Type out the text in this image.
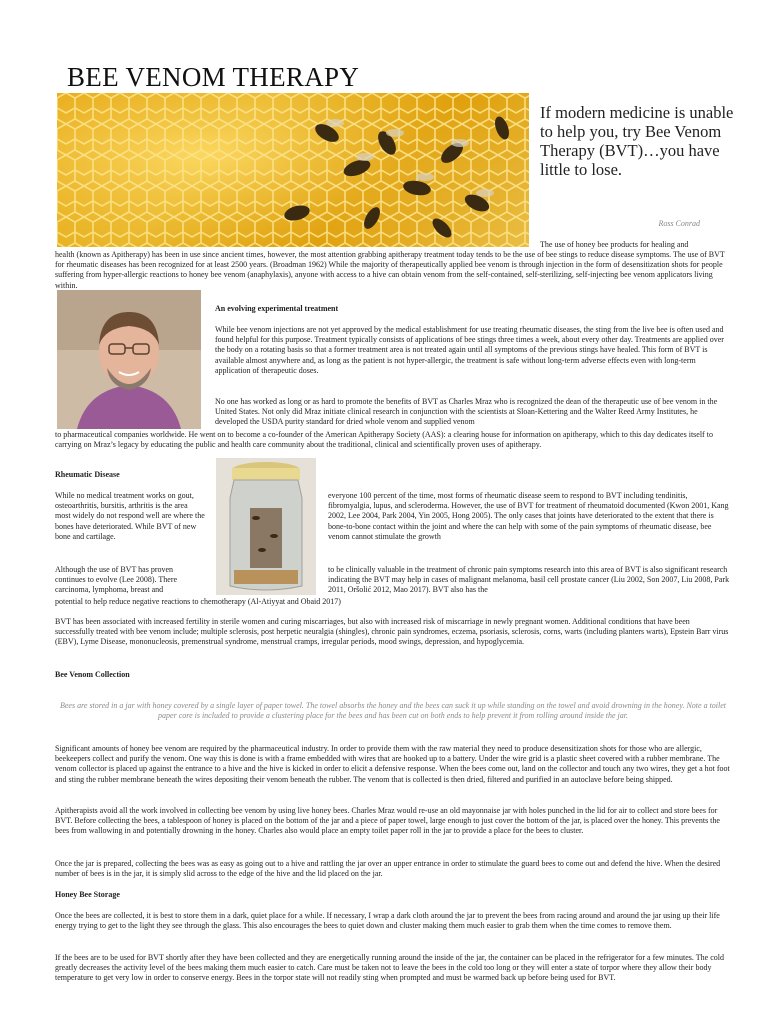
BEE VENOM THERAPY
If modern medicine is unable to help you, try Bee Venom Therapy (BVT)…you have little to lose.
Ross Conrad
The use of honey bee products for healing and
health (known as Apitherapy) has been in use since ancient times, however, the most attention grabbing apitherapy treatment today tends to be the use of bee stings to reduce disease symptoms. The use of BVT for rheumatic diseases has been recognized for at least 2500 years. (Broadman 1962) While the majority of therapeutically applied bee venom is through injection in the form of desensitization shots for people suffering from hyper-allergic reactions to honey bee venom (anaphylaxis), anyone with access to a hive can obtain venom from the self-contained, self-sterilizing, self-injecting bee venom applicators living within.
An evolving experimental treatment
While bee venom injections are not yet approved by the medical establishment for use treating rheumatic diseases, the sting from the live bee is often used and found helpful for this purpose. Treatment typically consists of applications of bee stings three times a week, about every other day. Treatments are applied over the body on a rotating basis so that a former treatment area is not treated again until all symptoms of the previous stings have healed. This form of BVT is available almost anywhere and, as long as the patient is not hyper-allergic, the treatment is safe without long-term adverse effects even with long-term application of therapeutic doses.
No one has worked as long or as hard to promote the benefits of BVT as Charles Mraz who is recognized the dean of the therapeutic use of bee venom in the United States. Not only did Mraz initiate clinical research in conjunction with the scientists at Sloan-Kettering and the Walter Reed Army Institutes, he developed the USDA purity standard for dried whole venom and supplied venom
to pharmaceutical companies worldwide. He went on to become a co-founder of the American Apitherapy Society (AAS): a clearing house for information on apitherapy, which to this day dedicates itself to carrying on Mraz’s legacy by educating the public and health care community about the traditional, clinical and scientifically proven uses of apitherapy.
Rheumatic Disease
While no medical treatment works on gout, osteoarthritis, bursitis, arthritis is the area most widely do not respond well are where the bones have deteriorated. While BVT of new bone and cartilage.
everyone 100 percent of the time, most forms of rheumatic disease seem to respond to BVT including tendinitis, fibromyalgia, lupus, and scleroderma. However, the use of BVT for treatment of rheumatoid documented (Kwon 2001, Kang 2002, Lee 2004, Park 2004, Yin 2005, Hong 2005). The only cases that joints have deteriorated to the extent that there is bone-to-bone contact within the joint and where the can help with some of the pain symptoms of rheumatic disease, bee venom cannot stimulate the growth
Although the use of BVT has proven continues to evolve (Lee 2008). There carcinoma, lymphoma, breast and
to be clinically valuable in the treatment of chronic pain symptoms research into this area of BVT is also significant research indicating the BVT may help in cases of malignant melanoma, basil cell prostate cancer (Liu 2002, Son 2007, Liu 2008, Park 2011, Oršolić 2012, Mao 2017). BVT also has the
potential to help reduce negative reactions to chemotherapy (Al-Atiyyat and Obaid 2017)
BVT has been associated with increased fertility in sterile women and curing miscarriages, but also with increased risk of miscarriage in newly pregnant women. Additional conditions that have been successfully treated with bee venom include; multiple sclerosis, post herpetic neuralgia (shingles), chronic pain syndromes, eczema, psoriasis, sclerosis, corns, warts (including planters warts), Epstein Barr virus (EBV), Lyme Disease, mononucleosis, premenstrual syndrome, menstrual cramps, irregular periods, mood swings, depression, and hypoglycemia.
Bee Venom Collection
Bees are stored in a jar with honey covered by a single layer of paper towel. The towel absorbs the honey and the bees can suck it up while standing on the towel and avoid drowning in the honey. Note a toilet paper core is included to provide a clustering place for the bees and has been cut on both ends to help prevent it from rolling around inside the jar.
Significant amounts of honey bee venom are required by the pharmaceutical industry. In order to provide them with the raw material they need to produce desensitization shots for those who are allergic, beekeepers collect and purify the venom. One way this is done is with a frame embedded with wires that are hooked up to a battery. Under the wire grid is a plastic sheet covered with a rubber membrane. The venom collector is placed up against the entrance to a hive and the hive is kicked in order to elicit a defensive response. When the bees come out, land on the collector and touch any two wires, they get a hot foot and sting the rubber membrane beneath the wires depositing their venom beneath the rubber. The venom that is collected is then dried, filtered and purified in an autoclave before being shipped.
Apitherapists avoid all the work involved in collecting bee venom by using live honey bees. Charles Mraz would re-use an old mayonnaise jar with holes punched in the lid for air to collect and store bees for BVT. Before collecting the bees, a tablespoon of honey is placed on the bottom of the jar and a piece of paper towel, large enough to just cover the bottom of the jar, is placed over the honey. This prevents the bees from wallowing in and potentially drowning in the honey. Charles also would place an empty toilet paper roll in the jar to provide a place for the bees to cluster.
Once the jar is prepared, collecting the bees was as easy as going out to a hive and rattling the jar over an upper entrance in order to stimulate the guard bees to come out and defend the hive. When the desired number of bees is in the jar, it is simply slid across to the edge of the hive and the lid placed on the jar.
Honey Bee Storage
Once the bees are collected, it is best to store them in a dark, quiet place for a while. If necessary, I wrap a dark cloth around the jar to prevent the bees from racing around and around the jar using up their life energy trying to get to the light they see through the glass. This also encourages the bees to quiet down and cluster making them much easier to grab them when the time comes to remove them.
If the bees are to be used for BVT shortly after they have been collected and they are energetically running around the inside of the jar, the container can be placed in the refrigerator for a few minutes. The cold greatly decreases the activity level of the bees making them much easier to catch. Care must be taken not to leave the bees in the cold too long or they will enter a state of torpor where they allow their body temperature to get very low in order to conserve energy. Bees in the torpor state will not readily sting when prompted and must be warmed back up before being used for BVT.
